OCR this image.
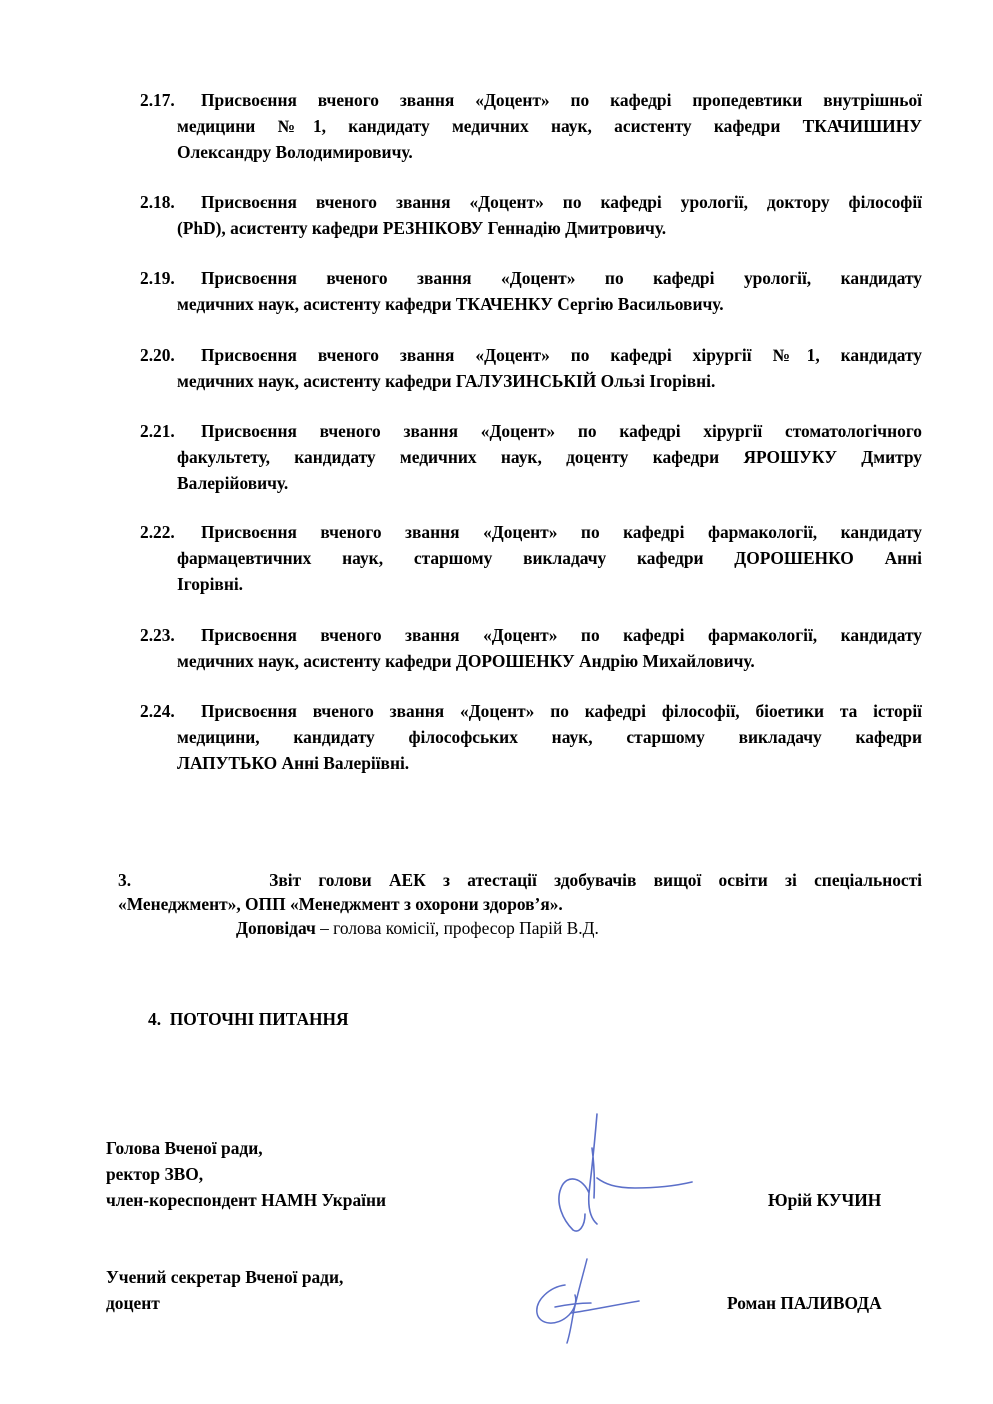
2.17.	Присвоєння вченого звання «Доцент» по кафедрі пропедевтики внутрішньої
медицини №1, кандидату медичних наук, асистенту кафедри ТКАЧИШИНУ
Олександру Володимировичу.
2.18.	Присвоєння вченого звання «Доцент» по кафедрі урології, доктору філософії
(PhD), асистенту кафедри РЕЗНІКОВУ Геннадію Дмитровичу.
2.19.	Присвоєння вченого звання «Доцент» по кафедрі урології, кандидату
медичних наук, асистенту кафедри ТКАЧЕНКУ Сергію Васильовичу.
2.20.	Присвоєння вченого звання «Доцент» по кафедрі хірургії №1, кандидату
медичних наук, асистенту кафедри ГАЛУЗИНСЬКІЙ Ользі Ігорівні.
2.21.	Присвоєння вченого звання «Доцент» по кафедрі хірургії стоматологічного
факультету, кандидату медичних наук, доценту кафедри ЯРОШУКУ Дмитру
Валерійовичу.
2.22.	Присвоєння вченого звання «Доцент» по кафедрі фармакології, кандидату
фармацевтичних наук, старшому викладачу кафедри ДОРОШЕНКО Анні
Ігорівні.
2.23.	Присвоєння вченого звання «Доцент» по кафедрі фармакології, кандидату
медичних наук, асистенту кафедри ДОРОШЕНКУ Андрію Михайловичу.
2.24.	Присвоєння вченого звання «Доцент» по кафедрі філософії, біоетики та історії
медицини, кандидату філософських наук, старшому викладачу кафедри
ЛАПУТЬКО Анні Валеріївні.
3.	Звіт голови АЕК з атестації здобувачів вищої освіти зі спеціальності
«Менеджмент», ОПП «Менеджмент з охорони здоров’я».
Доповідач – голова комісії, професор Парій В.Д.
4.  ПОТОЧНІ ПИТАННЯ
Голова Вченої ради,
ректор ЗВО,
член-кореспондент НАМН України	Юрій КУЧИН
Учений секретар Вченої ради,
доцент	Роман ПАЛИВОДА
